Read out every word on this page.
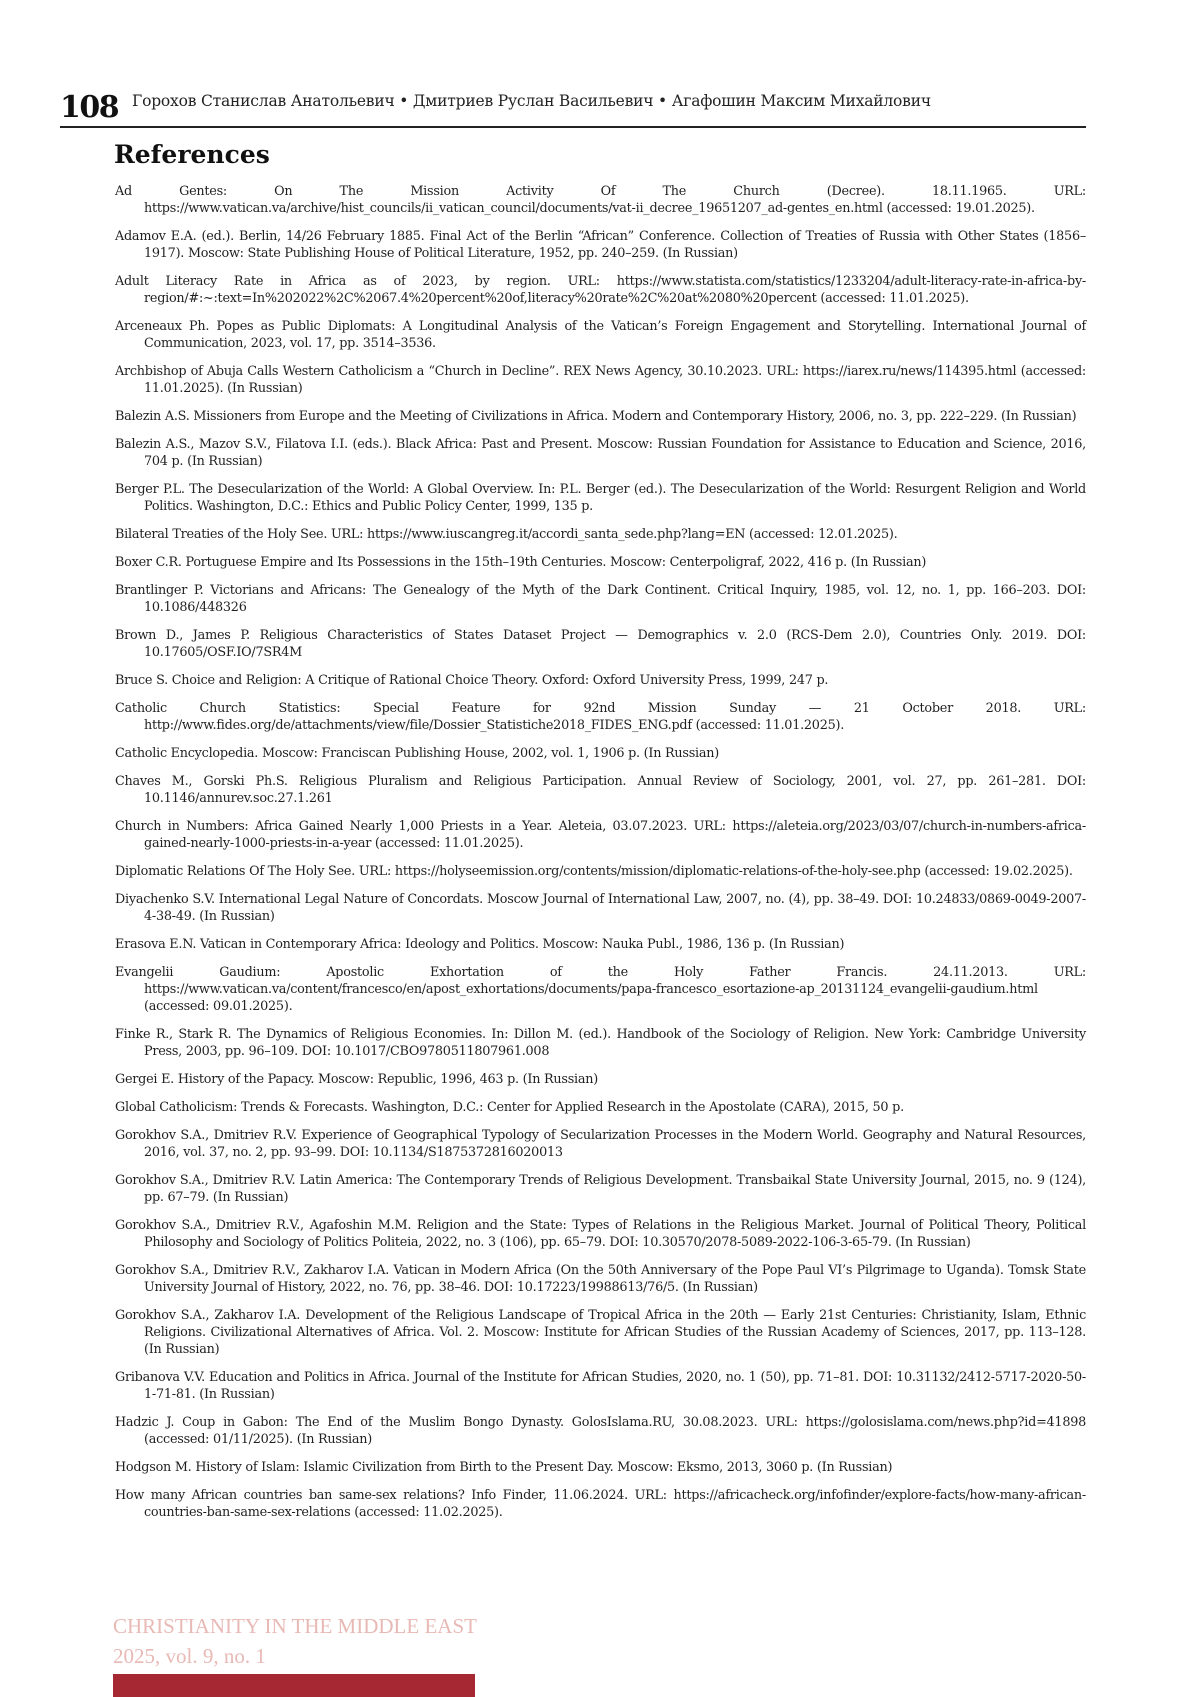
108 Горохов Станислав Анатольевич • Дмитриев Руслан Васильевич • Агафошин Максим Михайлович
References
Ad Gentes: On The Mission Activity Of The Church (Decree). 18.11.1965. URL: https://www.vatican.va/archive/hist_councils/ii_vatican_council/documents/vat-ii_decree_19651207_ad-gentes_en.html (accessed: 19.01.2025).
Adamov E.A. (ed.). Berlin, 14/26 February 1885. Final Act of the Berlin “African” Conference. Collection of Treaties of Russia with Other States (1856–1917). Moscow: State Publishing House of Political Literature, 1952, pp. 240–259. (In Russian)
Adult Literacy Rate in Africa as of 2023, by region. URL: https://www.statista.com/statistics/1233204/adult-literacy-rate-in-africa-by-region/#:~:text=In%202022%2C%2067.4%20percent%20of,literacy%20rate%2C%20at%2080%20percent (accessed: 11.01.2025).
Arceneaux Ph. Popes as Public Diplomats: A Longitudinal Analysis of the Vatican’s Foreign Engagement and Storytelling. International Journal of Communication, 2023, vol. 17, pp. 3514–3536.
Archbishop of Abuja Calls Western Catholicism a “Church in Decline”. REX News Agency, 30.10.2023. URL: https://iarex.ru/news/114395.html (accessed: 11.01.2025). (In Russian)
Balezin A.S. Missioners from Europe and the Meeting of Civilizations in Africa. Modern and Contemporary History, 2006, no. 3, pp. 222–229. (In Russian)
Balezin A.S., Mazov S.V., Filatova I.I. (eds.). Black Africa: Past and Present. Moscow: Russian Foundation for Assistance to Education and Science, 2016, 704 p. (In Russian)
Berger P.L. The Desecularization of the World: A Global Overview. In: P.L. Berger (ed.). The Desecularization of the World: Resurgent Religion and World Politics. Washington, D.C.: Ethics and Public Policy Center, 1999, 135 p.
Bilateral Treaties of the Holy See. URL: https://www.iuscangreg.it/accordi_santa_sede.php?lang=EN (accessed: 12.01.2025).
Boxer C.R. Portuguese Empire and Its Possessions in the 15th–19th Centuries. Moscow: Centerpoligraf, 2022, 416 p. (In Russian)
Brantlinger P. Victorians and Africans: The Genealogy of the Myth of the Dark Continent. Critical Inquiry, 1985, vol. 12, no. 1, pp. 166–203. DOI: 10.1086/448326
Brown D., James P. Religious Characteristics of States Dataset Project — Demographics v. 2.0 (RCS-Dem 2.0), Countries Only. 2019. DOI: 10.17605/OSF.IO/7SR4M
Bruce S. Choice and Religion: A Critique of Rational Choice Theory. Oxford: Oxford University Press, 1999, 247 p.
Catholic Church Statistics: Special Feature for 92nd Mission Sunday — 21 October 2018. URL: http://www.fides.org/de/attachments/view/file/Dossier_Statistiche2018_FIDES_ENG.pdf (accessed: 11.01.2025).
Catholic Encyclopedia. Moscow: Franciscan Publishing House, 2002, vol. 1, 1906 p. (In Russian)
Chaves M., Gorski Ph.S. Religious Pluralism and Religious Participation. Annual Review of Sociology, 2001, vol. 27, pp. 261–281. DOI: 10.1146/annurev.soc.27.1.261
Church in Numbers: Africa Gained Nearly 1,000 Priests in a Year. Aleteia, 03.07.2023. URL: https://aleteia.org/2023/03/07/church-in-numbers-africa-gained-nearly-1000-priests-in-a-year (accessed: 11.01.2025).
Diplomatic Relations Of The Holy See. URL: https://holyseemission.org/contents/mission/diplomatic-relations-of-the-holy-see.php (accessed: 19.02.2025).
Diyachenko S.V. International Legal Nature of Concordats. Moscow Journal of International Law, 2007, no. (4), pp. 38–49. DOI: 10.24833/0869-0049-2007-4-38-49. (In Russian)
Erasova E.N. Vatican in Contemporary Africa: Ideology and Politics. Moscow: Nauka Publ., 1986, 136 p. (In Russian)
Evangelii Gaudium: Apostolic Exhortation of the Holy Father Francis. 24.11.2013. URL: https://www.vatican.va/content/francesco/en/apost_exhortations/documents/papa-francesco_esortazione-ap_20131124_evangelii-gaudium.html (accessed: 09.01.2025).
Finke R., Stark R. The Dynamics of Religious Economies. In: Dillon M. (ed.). Handbook of the Sociology of Religion. New York: Cambridge University Press, 2003, pp. 96–109. DOI: 10.1017/CBO9780511807961.008
Gergei E. History of the Papacy. Moscow: Republic, 1996, 463 p. (In Russian)
Global Catholicism: Trends & Forecasts. Washington, D.C.: Center for Applied Research in the Apostolate (CARA), 2015, 50 p.
Gorokhov S.A., Dmitriev R.V. Experience of Geographical Typology of Secularization Processes in the Modern World. Geography and Natural Resources, 2016, vol. 37, no. 2, pp. 93–99. DOI: 10.1134/S1875372816020013
Gorokhov S.A., Dmitriev R.V. Latin America: The Contemporary Trends of Religious Development. Transbaikal State University Journal, 2015, no. 9 (124), pp. 67–79. (In Russian)
Gorokhov S.A., Dmitriev R.V., Agafoshin M.M. Religion and the State: Types of Relations in the Religious Market. Journal of Political Theory, Political Philosophy and Sociology of Politics Politeia, 2022, no. 3 (106), pp. 65–79. DOI: 10.30570/2078-5089-2022-106-3-65-79. (In Russian)
Gorokhov S.A., Dmitriev R.V., Zakharov I.A. Vatican in Modern Africa (On the 50th Anniversary of the Pope Paul VI’s Pilgrimage to Uganda). Tomsk State University Journal of History, 2022, no. 76, pp. 38–46. DOI: 10.17223/19988613/76/5. (In Russian)
Gorokhov S.A., Zakharov I.A. Development of the Religious Landscape of Tropical Africa in the 20th — Early 21st Centuries: Christianity, Islam, Ethnic Religions. Civilizational Alternatives of Africa. Vol. 2. Moscow: Institute for African Studies of the Russian Academy of Sciences, 2017, pp. 113–128. (In Russian)
Gribanova V.V. Education and Politics in Africa. Journal of the Institute for African Studies, 2020, no. 1 (50), pp. 71–81. DOI: 10.31132/2412-5717-2020-50-1-71-81. (In Russian)
Hadzic J. Coup in Gabon: The End of the Muslim Bongo Dynasty. GolosIslama.RU, 30.08.2023. URL: https://golosislama.com/news.php?id=41898 (accessed: 01/11/2025). (In Russian)
Hodgson M. History of Islam: Islamic Civilization from Birth to the Present Day. Moscow: Eksmo, 2013, 3060 p. (In Russian)
How many African countries ban same-sex relations? Info Finder, 11.06.2024. URL: https://africacheck.org/infofinder/explore-facts/how-many-african-countries-ban-same-sex-relations (accessed: 11.02.2025).
CHRISTIANITY IN THE MIDDLE EAST
2025, vol. 9, no. 1
